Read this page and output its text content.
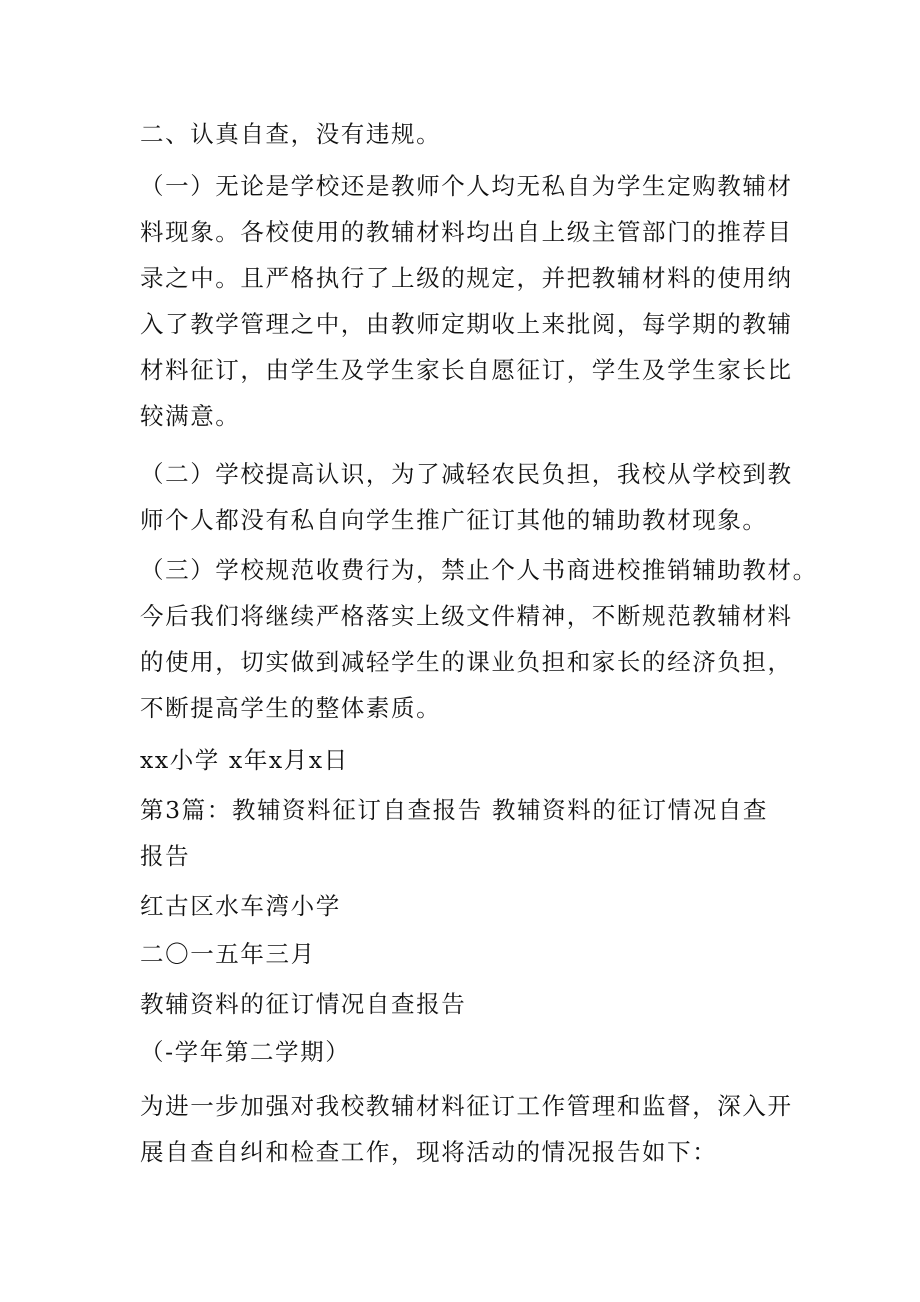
二、认真自查，没有违规。
（一）无论是学校还是教师个人均无私自为学生定购教辅材
料现象。各校使用的教辅材料均出自上级主管部门的推荐目
录之中。且严格执行了上级的规定，并把教辅材料的使用纳
入了教学管理之中，由教师定期收上来批阅，每学期的教辅
材料征订，由学生及学生家长自愿征订，学生及学生家长比
较满意。
（二）学校提高认识，为了减轻农民负担，我校从学校到教
师个人都没有私自向学生推广征订其他的辅助教材现象。
（三）学校规范收费行为，禁止个人书商进校推销辅助教材。
今后我们将继续严格落实上级文件精神，不断规范教辅材料
的使用，切实做到减轻学生的课业负担和家长的经济负担，
不断提高学生的整体素质。
xx小学 x年x月x日
第3篇：教辅资料征订自查报告 教辅资料的征订情况自查
报告
红古区水车湾小学
二〇一五年三月
教辅资料的征订情况自查报告
（-学年第二学期）
为进一步加强对我校教辅材料征订工作管理和监督，深入开
展自查自纠和检查工作，现将活动的情况报告如下：
